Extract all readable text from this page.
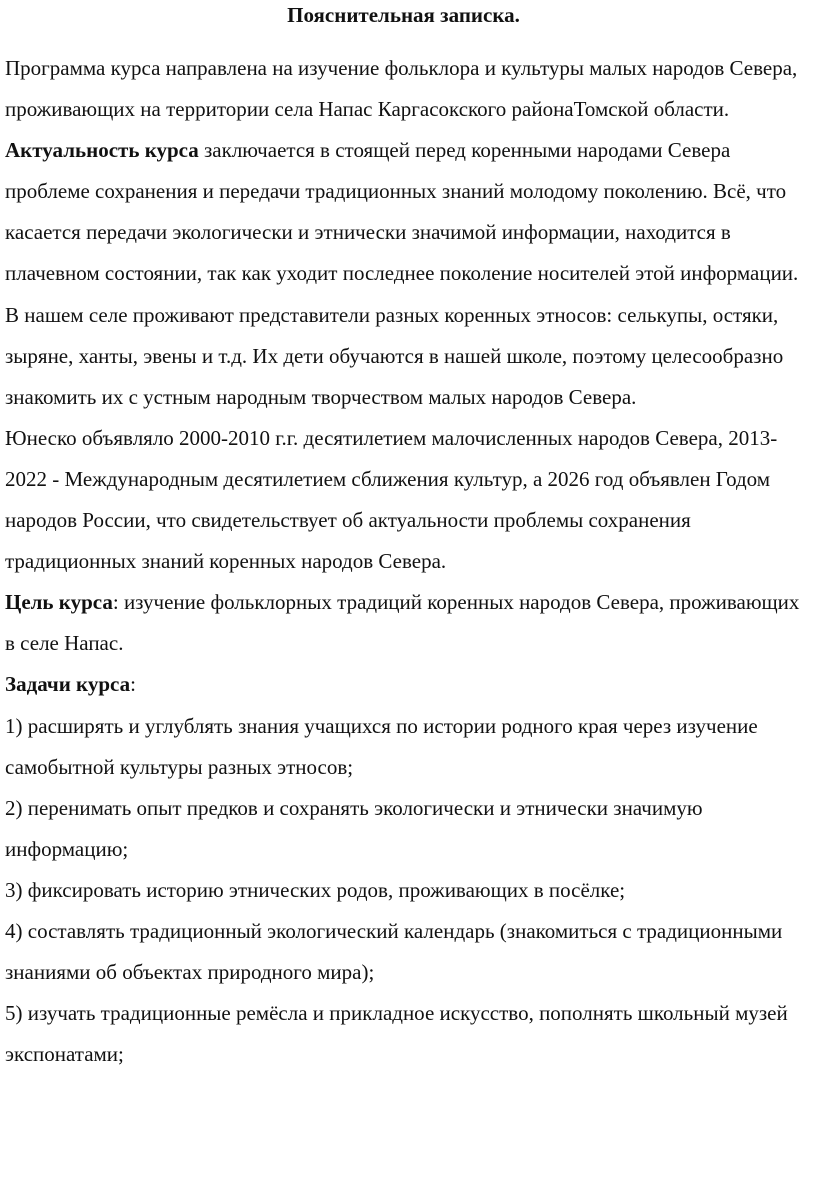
Пояснительная записка.

Программа курса направлена на изучение фольклора и культуры малых народов Севера, проживающих на территории села Напас Каргасокского районаТомской области.

Актуальность курса заключается в стоящей перед коренными народами Севера проблеме сохранения и передачи традиционных знаний молодому поколению. Всё, что касается передачи экологически и этнически значимой информации, находится в плачевном состоянии, так как уходит последнее поколение носителей этой информации.

В нашем селе проживают представители разных коренных этносов: селькупы, остяки, зыряне, ханты, эвены и т.д. Их дети обучаются в нашей школе, поэтому целесообразно знакомить их с устным народным творчеством малых народов Севера.

Юнеско объявляло 2000-2010 г.г. десятилетием малочисленных народов Севера, 2013-2022 - Международным десятилетием сближения культур, а 2026 год объявлен Годом народов России, что свидетельствует об актуальности проблемы сохранения традиционных знаний коренных народов Севера.

Цель курса: изучение фольклорных традиций коренных народов Севера, проживающих в селе Напас.

Задачи курса:

1) расширять и углублять знания учащихся по истории родного края через изучение самобытной культуры разных этносов;

2) перенимать опыт предков и сохранять экологически и этнически значимую информацию;

3) фиксировать историю этнических родов, проживающих в посёлке;

4) составлять традиционный экологический календарь (знакомиться с традиционными знаниями об объектах природного мира);

5) изучать традиционные ремёсла и прикладное искусство, пополнять школьный музей экспонатами;
